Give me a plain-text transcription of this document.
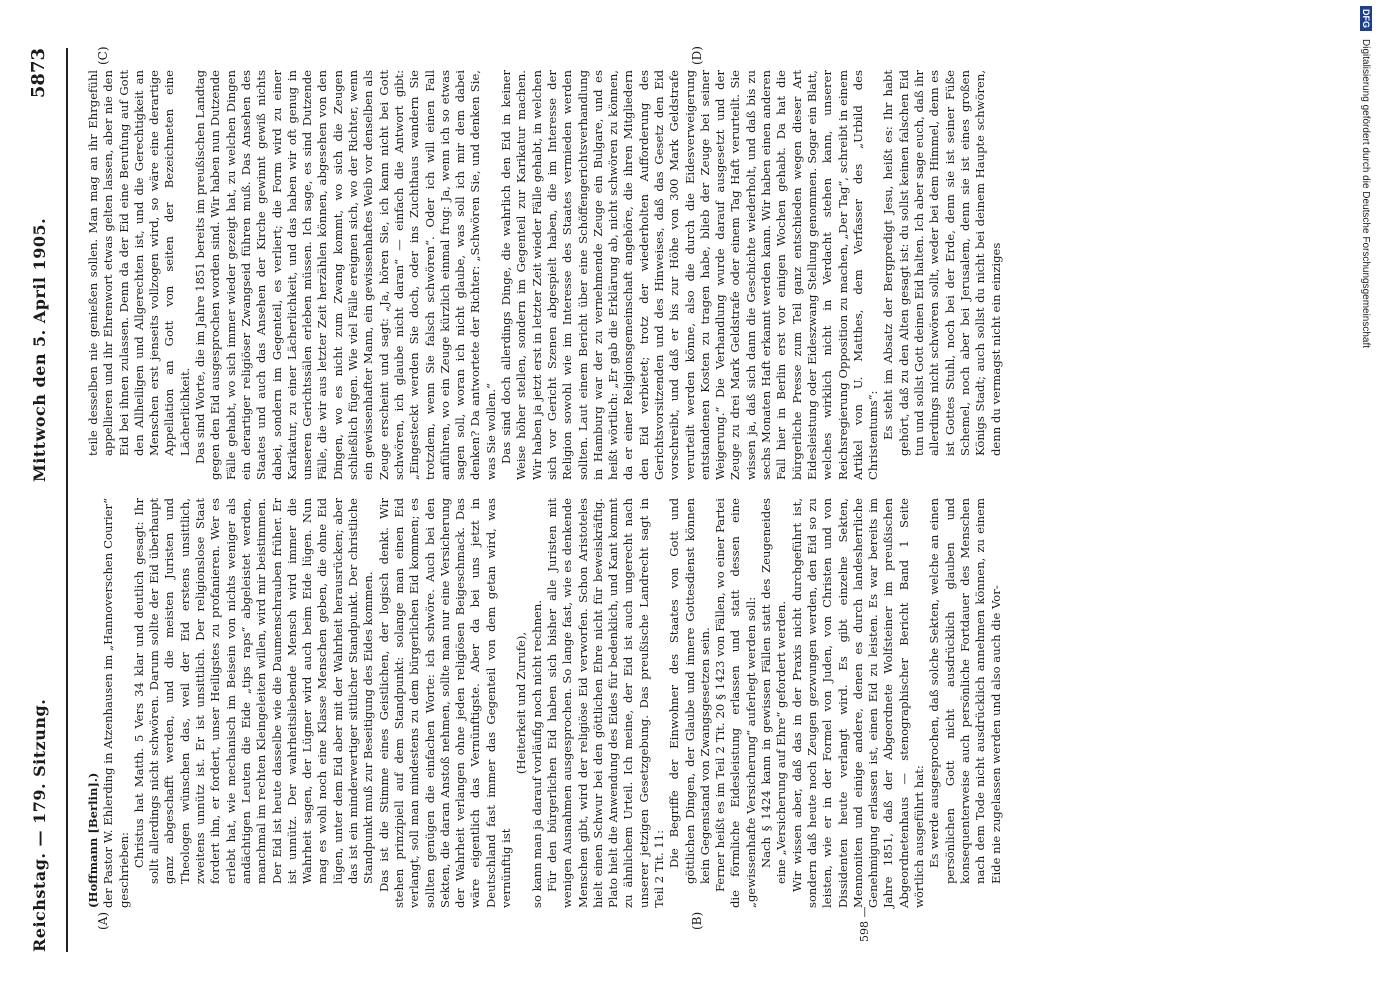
Reichstag. — 179. Sitzung.
Mittwoch den 5. April 1905.
5873
(A)	(B)
(C)	(D)

(Hoffmann [Berlin].) der Pastor W. Ehlerding in Atzenhausen im „Hannoverschen Courier“ geschrieben:

Christus hat Matth. 5 Vers 34 klar und deutlich gesagt: Ihr sollt allerdings nicht schwören. Darum sollte der Eid überhaupt ganz abgeschafft werden, und die meisten Juristen und Theologen wünschen das, weil der Eid erstens unsittlich, zweitens unnütz ist. Er ist unsittlich. Der religionslose Staat fordert ihn, er fordert, unser Heiligstes zu profanieren. Wer es erlebt hat, wie mechanisch im Beisein von nichts weniger als andächtigen Leuten die Eide „tips raps“ abgeleistet werden, manchmal im rechten Kleingeleiten willen, wird mir beistimmen. Der Eid ist heute dasselbe wie die Daumenschrauben früher. Er ist unnütz. Der wahrheitsliebende Mensch wird immer die Wahrheit sagen, der Lügner wird auch beim Eide lügen. Nun mag es wohl noch eine Klasse Menschen geben, die ohne Eid lügen, unter dem Eid aber mit der Wahrheit herausrücken; aber das ist ein minderwertiger sittlicher Standpunkt. Der christliche Standpunkt muß zur Beseitigung des Eides kommen. Das ist die Stimme eines Geistlichen, der logisch denkt. Wir stehen prinzipiell auf dem Standpunkt: solange man einen Eid verlangt, soll man mindestens zu dem bürgerlichen Eid kommen; es sollten genügen die einfachen Worte: ich schwöre. Auch bei den Sekten, die daran Anstoß nehmen, sollte man nur eine Versicherung der Wahrheit verlangen ohne jeden religiösen Beigeschmack. Das wäre eigentlich das Vernünftigste. Aber da bei uns jetzt in Deutschland fast immer das Gegenteil von dem getan wird, was vernünftig ist

(Heiterkeit und Zurufe), so kann man ja darauf vorläufig noch nicht rechnen. Für den bürgerlichen Eid haben sich bisher alle Juristen mit wenigen Ausnahmen ausgesprochen. So lange fast, wie es denkende Menschen gibt, wird der religiöse Eid verworfen. Schon Aristoteles hielt einen Schwur bei den göttlichen Ehre nicht für beweiskräftig. Plato hielt die Anwendung des Eides für bedenklich, und Kant kommt zu ähnlichem Urteil. Ich meine, der Eid ist auch ungerecht nach unserer jetzigen Gesetzgebung. Das preußische Landrecht sagt in Teil 2 Tit. 11:

Die Begriffe der Einwohner des Staates von Gott und göttlichen Dingen, der Glaube und innere Gottesdienst können kein Gegenstand von Zwangsgesetzen sein. Ferner heißt es im Teil 2 Tit. 20 § 1423 von Fällen, wo einer Partei die förmliche Eidesleistung erlassen und statt dessen eine „gewissenhafte Versicherung“ auferlegt werden soll: Nach § 1424 kann in gewissen Fällen statt des Zeugeneides eine „Versicherung auf Ehre“ gefordert werden. Wir wissen aber, daß das in der Praxis nicht durchgeführt ist, sondern daß heute noch Zeugen gezwungen werden, den Eid so zu leisten, wie er in der Formel von Juden, von Christen und von Dissidenten heute verlangt wird. Es gibt einzelne Sekten, Mennoniten und einige andere, denen es durch landesherrliche Genehmigung erlassen ist, einen Eid zu leisten. Es war bereits im Jahre 1851, daß der Abgeordnete Wolfsteiner im preußischen Abgeordnetenhaus — stenographischer Bericht Band 1 Seite wörtlich ausgeführt hat: Es werde ausgesprochen, daß solche Sekten, welche an einen persönlichen Gott nicht ausdrücklich glauben und konsequenterweise auch persönliche Fortdauer des Menschen nach dem Tode nicht ausdrücklich annehmen können, zu einem Eide nie zugelassen werden und also auch die Vor-

598 —

teile desselben nie genießen sollen. Man mag an ihr Ehrgefühl appellieren und ihr Ehrenwort etwas gelten lassen, aber nie den Eid bei ihnen zulassen. Denn da der Eid eine Berufung auf Gott den Allheiligen und Allgerechten ist, und die Gerechtigkeit an Menschen erst jenseits vollzogen wird, so wäre eine derartige Appellation an Gott von seiten der Bezeichneten eine Lächerlichkeit. Das sind Worte, die im Jahre 1851 bereits im preußischen Landtag gegen den Eid ausgesprochen worden sind. Wir haben nun Dutzende Fälle gehabt, wo sich immer wieder gezeigt hat, zu welchen Dingen ein derartiger religiöser Zwangseid führen muß. Das Ansehen des Staates und auch das Ansehen der Kirche gewinnt gewiß nichts dabei, sondern im Gegenteil, es verliert; die Form wird zu einer Karikatur, zu einer Lächerlichkeit, und das haben wir oft genug in unseren Gerichtssälen erleben müssen. Ich sage, es sind Dutzende Fälle, die wir aus letzter Zeit herzählen können, abgesehen von den Dingen, wo es nicht zum Zwang kommt, wo sich die Zeugen schließlich fügen. Wie viel Fälle ereignen sich, wo der Richter, wenn ein gewissenhafter Mann, ein gewissenhaftes Weib vor denselben als Zeuge erscheint und sagt: „Ja, hören Sie, ich kann nicht bei Gott schwören, ich glaube nicht daran“ — einfach die Antwort gibt: „Eingesteckt werden Sie doch, oder ins Zuchthaus wandern Sie trotzdem, wenn Sie falsch schwören“. Oder ich will einen Fall anführen, wo ein Zeuge kürzlich einmal frug: Ja, wenn ich so etwas sagen soll, woran ich nicht glaube, was soll ich mir dem dabei denken? Da antwortete der Richter: „Schwören Sie, und denken Sie, was Sie wollen.“ Das sind doch allerdings Dinge, die wahrlich den Eid in keiner Weise höher stellen, sondern im Gegenteil zur Karikatur machen. Wir haben ja jetzt erst in letzter Zeit wieder Fälle gehabt, in welchen sich vor Gericht Szenen abgespielt haben, die im Interesse der Religion sowohl wie im Interesse des Staates vermieden werden sollten. Laut einem Bericht über eine Schöffengerichtsverhandlung in Hamburg war der zu vernehmende Zeuge ein Bulgare, und es heißt wörtlich: „Er gab die Erklärung ab, nicht schwören zu können, da er einer Religionsgemeinschaft angehöre, die ihren Mitgliedern den Eid verbietet; trotz der wiederholten Aufforderung des Gerichtsvorsitzenden und des Hinweises, daß das Gesetz den Eid vorschreibt, und daß er bis zur Höhe von 300 Mark Geldstrafe verurteilt werden könne, also die durch die Eidesverweigerung entstandenen Kosten zu tragen habe, blieb der Zeuge bei seiner Weigerung.“ Die Verhandlung wurde darauf ausgesetzt und der Zeuge zu drei Mark Geldstrafe oder einem Tag Haft verurteilt. Sie wissen ja, daß sich dann die Geschichte wiederholt, und daß bis zu sechs Monaten Haft erkannt werden kann. Wir haben einen anderen Fall hier in Berlin erst vor einigen Wochen gehabt. Da hat die bürgerliche Presse zum Teil ganz entschieden wegen dieser Art Eidesleistung oder Eideszwang Stellung genommen. Sogar ein Blatt, welches wirklich nicht in Verdacht stehen kann, unserer Reichsregierung Opposition zu machen, „Der Tag“, schreibt in einem Artikel von U. Matthes, dem Verfasser des „Urbild des Christentums“: Es steht im Absatz der Bergpredigt Jesu, heißt es: Ihr habt gehört, daß zu den Alten gesagt ist: du sollst keinen falschen Eid tun und sollst Gott deinen Eid halten. Ich aber sage euch, daß ihr allerdings nicht schwören sollt, weder bei dem Himmel, denn es ist Gottes Stuhl, noch bei der Erde, denn sie ist seiner Füße Schemel, noch aber bei Jerusalem, denn sie ist eines großen Königs Stadt; auch sollst du nicht bei deinem Haupte schwören, denn du vermagst nicht ein einziges

DFG
Digitalisierung gefördert durch die Deutsche Forschungsgemeinschaft
